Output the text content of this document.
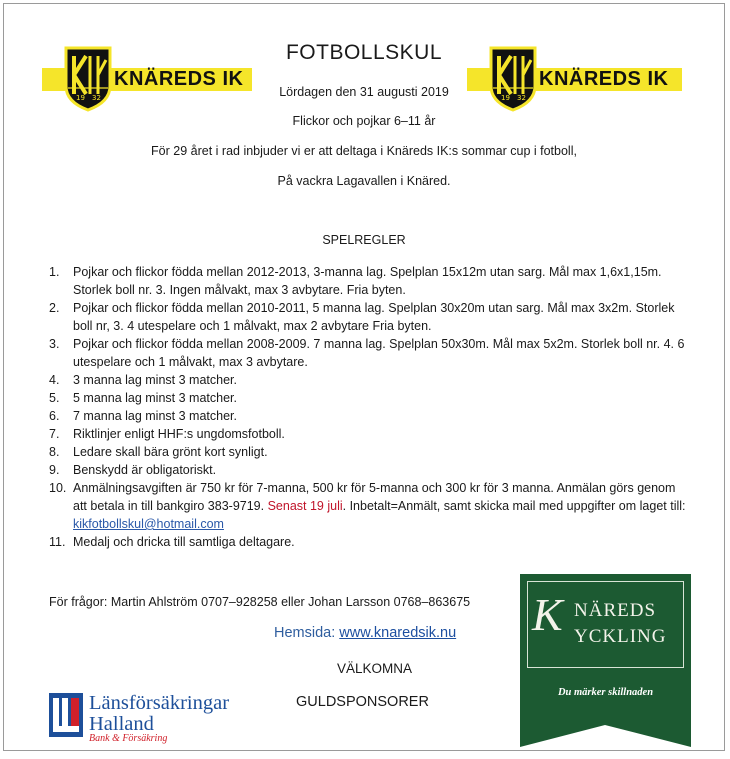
19 32
KNÄREDS IK
19 32
KNÄREDS IK
FOTBOLLSKUL
Lördagen den 31 augusti 2019
Flickor och pojkar 6–11 år
För 29 året i rad inbjuder vi er att deltaga i Knäreds IK:s sommar cup i fotboll,
På vackra Lagavallen i Knäred.
SPELREGLER
1. Pojkar och flickor födda mellan 2012-2013, 3-manna lag. Spelplan 15x12m utan sarg. Mål max 1,6x1,15m. Storlek boll nr. 3. Ingen målvakt, max 3 avbytare. Fria byten.
2. Pojkar och flickor födda mellan 2010-2011, 5 manna lag. Spelplan 30x20m utan sarg. Mål max 3x2m. Storlek boll nr, 3. 4 utespelare och 1 målvakt, max 2 avbytare Fria byten.
3. Pojkar och flickor födda mellan 2008-2009. 7 manna lag. Spelplan 50x30m. Mål max 5x2m. Storlek boll nr. 4. 6 utespelare och 1 målvakt, max 3 avbytare.
4. 3 manna lag minst 3 matcher.
5. 5 manna lag minst 3 matcher.
6. 7 manna lag minst 3 matcher.
7. Riktlinjer enligt HHF:s ungdomsfotboll.
8. Ledare skall bära grönt kort synligt.
9. Benskydd är obligatoriskt.
10. Anmälningsavgiften är 750 kr för 7-manna, 500 kr för 5-manna och 300 kr för 3 manna. Anmälan görs genom att betala in till bankgiro 383-9719. Senast 19 juli. Inbetalt=Anmält, samt skicka mail med uppgifter om laget till: kikfotbollskul@hotmail.com
11. Medalj och dricka till samtliga deltagare.
För frågor: Martin Ahlström 0707–928258 eller Johan Larsson 0768–863675
Hemsida: www.knaredsik.nu
VÄLKOMNA
GULDSPONSORER
Länsförsäkringar
Halland
Bank & Försäkring
K NÄREDS
YCKLING
Du märker skillnaden
